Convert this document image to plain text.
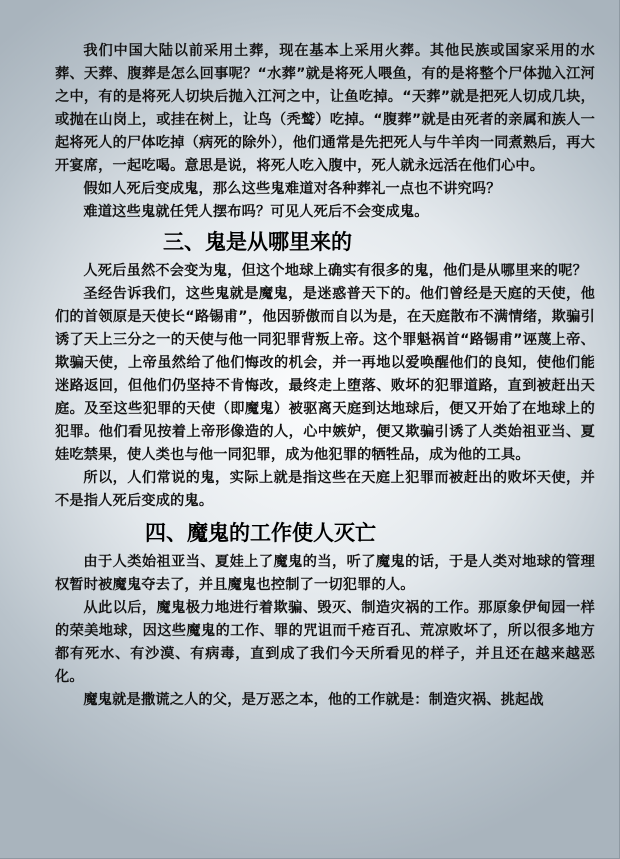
我们中国大陆以前采用土葬，现在基本上采用火葬。其他民族或国家采用的水葬、天葬、腹葬是怎么回事呢？“水葬”就是将死人喂鱼，有的是将整个尸体抛入江河之中，有的是将死人切块后抛入江河之中，让鱼吃掉。“天葬”就是把死人切成几块，或抛在山岗上，或挂在树上，让鸟（秃鹫）吃掉。“腹葬”就是由死者的亲属和族人一起将死人的尸体吃掉（病死的除外），他们通常是先把死人与牛羊肉一同煮熟后，再大开宴席，一起吃喝。意思是说，将死人吃入腹中，死人就永远活在他们心中。

假如人死后变成鬼，那么这些鬼难道对各种葬礼一点也不讲究吗？

难道这些鬼就任凭人摆布吗？可见人死后不会变成鬼。

三、鬼是从哪里来的

人死后虽然不会变为鬼，但这个地球上确实有很多的鬼，他们是从哪里来的呢？

圣经告诉我们，这些鬼就是魔鬼，是迷惑普天下的。他们曾经是天庭的天使，他们的首领原是天使长“路锡甫”，他因骄傲而自以为是，在天庭散布不满情绪，欺骗引诱了天上三分之一的天使与他一同犯罪背叛上帝。这个罪魁祸首“路锡甫”诬蔑上帝、欺骗天使，上帝虽然给了他们悔改的机会，并一再地以爱唤醒他们的良知，使他们能迷路返回，但他们仍坚持不肯悔改，最终走上堕落、败坏的犯罪道路，直到被赶出天庭。及至这些犯罪的天使（即魔鬼）被驱离天庭到达地球后，便又开始了在地球上的犯罪。他们看见按着上帝形像造的人，心中嫉妒，便又欺骗引诱了人类始祖亚当、夏娃吃禁果，使人类也与他一同犯罪，成为他犯罪的牺牲品，成为他的工具。

所以，人们常说的鬼，实际上就是指这些在天庭上犯罪而被赶出的败坏天使，并不是指人死后变成的鬼。

四、魔鬼的工作使人灭亡

由于人类始祖亚当、夏娃上了魔鬼的当，听了魔鬼的话，于是人类对地球的管理权暂时被魔鬼夺去了，并且魔鬼也控制了一切犯罪的人。

从此以后，魔鬼极力地进行着欺骗、毁灭、制造灾祸的工作。那原象伊甸园一样的荣美地球，因这些魔鬼的工作、罪的咒诅而千疮百孔、荒凉败坏了，所以很多地方都有死水、有沙漠、有病毒，直到成了我们今天所看见的样子，并且还在越来越恶化。

魔鬼就是撒谎之人的父，是万恶之本，他的工作就是：制造灾祸、挑起战
